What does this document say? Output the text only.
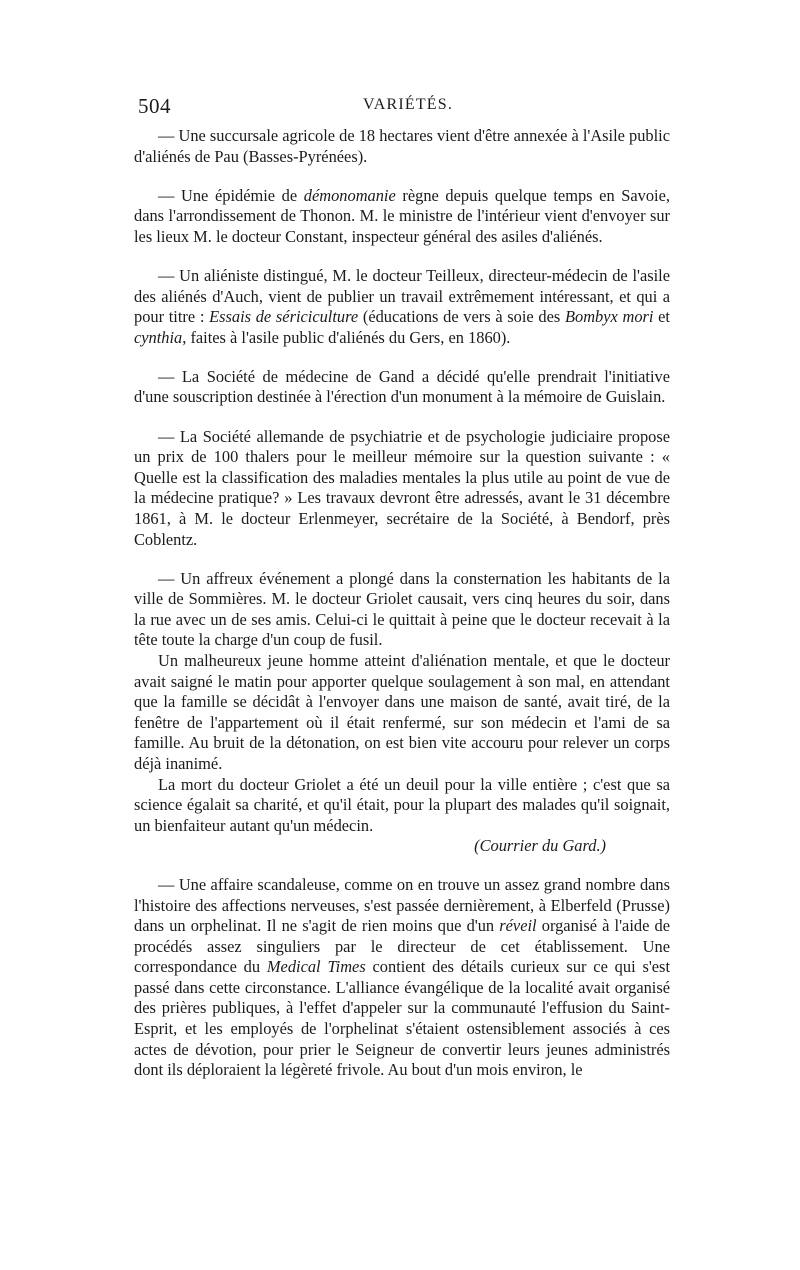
504	VARIÉTÉS.

— Une succursale agricole de 18 hectares vient d'être annexée à l'Asile public d'aliénés de Pau (Basses-Pyrénées).

— Une épidémie de démonomanie règne depuis quelque temps en Savoie, dans l'arrondissement de Thonon. M. le ministre de l'intérieur vient d'envoyer sur les lieux M. le docteur Constant, inspecteur général des asiles d'aliénés.

— Un aliéniste distingué, M. le docteur Teilleux, directeur-médecin de l'asile des aliénés d'Auch, vient de publier un travail extrêmement intéressant, et qui a pour titre : Essais de sériciculture (éducations de vers à soie des Bombyx mori et cynthia, faites à l'asile public d'aliénés du Gers, en 1860).

— La Société de médecine de Gand a décidé qu'elle prendrait l'initiative d'une souscription destinée à l'érection d'un monument à la mémoire de Guislain.

— La Société allemande de psychiatrie et de psychologie judiciaire propose un prix de 100 thalers pour le meilleur mémoire sur la question suivante : « Quelle est la classification des maladies mentales la plus utile au point de vue de la médecine pratique? » Les travaux devront être adressés, avant le 31 décembre 1861, à M. le docteur Erlenmeyer, secrétaire de la Société, à Bendorf, près Coblentz.

— Un affreux événement a plongé dans la consternation les habitants de la ville de Sommières. M. le docteur Griolet causait, vers cinq heures du soir, dans la rue avec un de ses amis. Celui-ci le quittait à peine que le docteur recevait à la tête toute la charge d'un coup de fusil.

Un malheureux jeune homme atteint d'aliénation mentale, et que le docteur avait saigné le matin pour apporter quelque soulagement à son mal, en attendant que la famille se décidât à l'envoyer dans une maison de santé, avait tiré, de la fenêtre de l'appartement où il était renfermé, sur son médecin et l'ami de sa famille. Au bruit de la détonation, on est bien vite accouru pour relever un corps déjà inanimé.

La mort du docteur Griolet a été un deuil pour la ville entière ; c'est que sa science égalait sa charité, et qu'il était, pour la plupart des malades qu'il soignait, un bienfaiteur autant qu'un médecin.

(Courrier du Gard.)

— Une affaire scandaleuse, comme on en trouve un assez grand nombre dans l'histoire des affections nerveuses, s'est passée dernièrement, à Elberfeld (Prusse) dans un orphelinat. Il ne s'agit de rien moins que d'un réveil organisé à l'aide de procédés assez singuliers par le directeur de cet établissement. Une correspondance du Medical Times contient des détails curieux sur ce qui s'est passé dans cette circonstance. L'alliance évangélique de la localité avait organisé des prières publiques, à l'effet d'appeler sur la communauté l'effusion du Saint-Esprit, et les employés de l'orphelinat s'étaient ostensiblement associés à ces actes de dévotion, pour prier le Seigneur de convertir leurs jeunes administrés dont ils déploraient la légèreté frivole. Au bout d'un mois environ, le
